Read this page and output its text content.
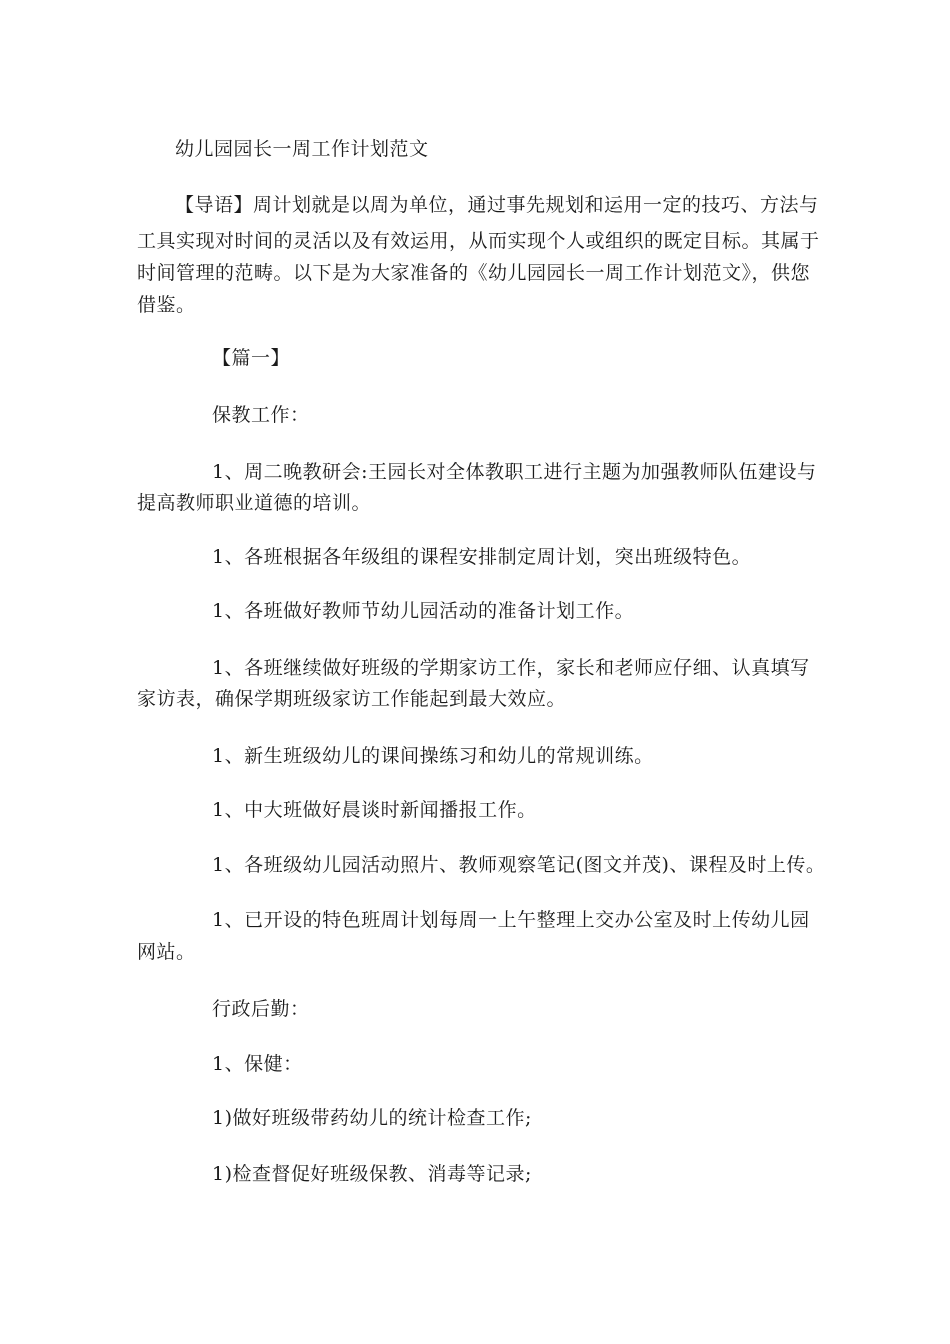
幼儿园园长一周工作计划范文
【导语】周计划就是以周为单位，通过事先规划和运用一定的技巧、方法与
工具实现对时间的灵活以及有效运用，从而实现个人或组织的既定目标。其属于
时间管理的范畴。以下是为大家准备的《幼儿园园长一周工作计划范文》，供您
借鉴。
【篇一】
保教工作：
1、周二晚教研会:王园长对全体教职工进行主题为加强教师队伍建设与
提高教师职业道德的培训。
1、各班根据各年级组的课程安排制定周计划，突出班级特色。
1、各班做好教师节幼儿园活动的准备计划工作。
1、各班继续做好班级的学期家访工作，家长和老师应仔细、认真填写
家访表，确保学期班级家访工作能起到最大效应。
1、新生班级幼儿的课间操练习和幼儿的常规训练。
1、中大班做好晨谈时新闻播报工作。
1、各班级幼儿园活动照片、教师观察笔记(图文并茂)、课程及时上传。
1、已开设的特色班周计划每周一上午整理上交办公室及时上传幼儿园
网站。
行政后勤：
1、保健：
1)做好班级带药幼儿的统计检查工作;
1)检查督促好班级保教、消毒等记录;
